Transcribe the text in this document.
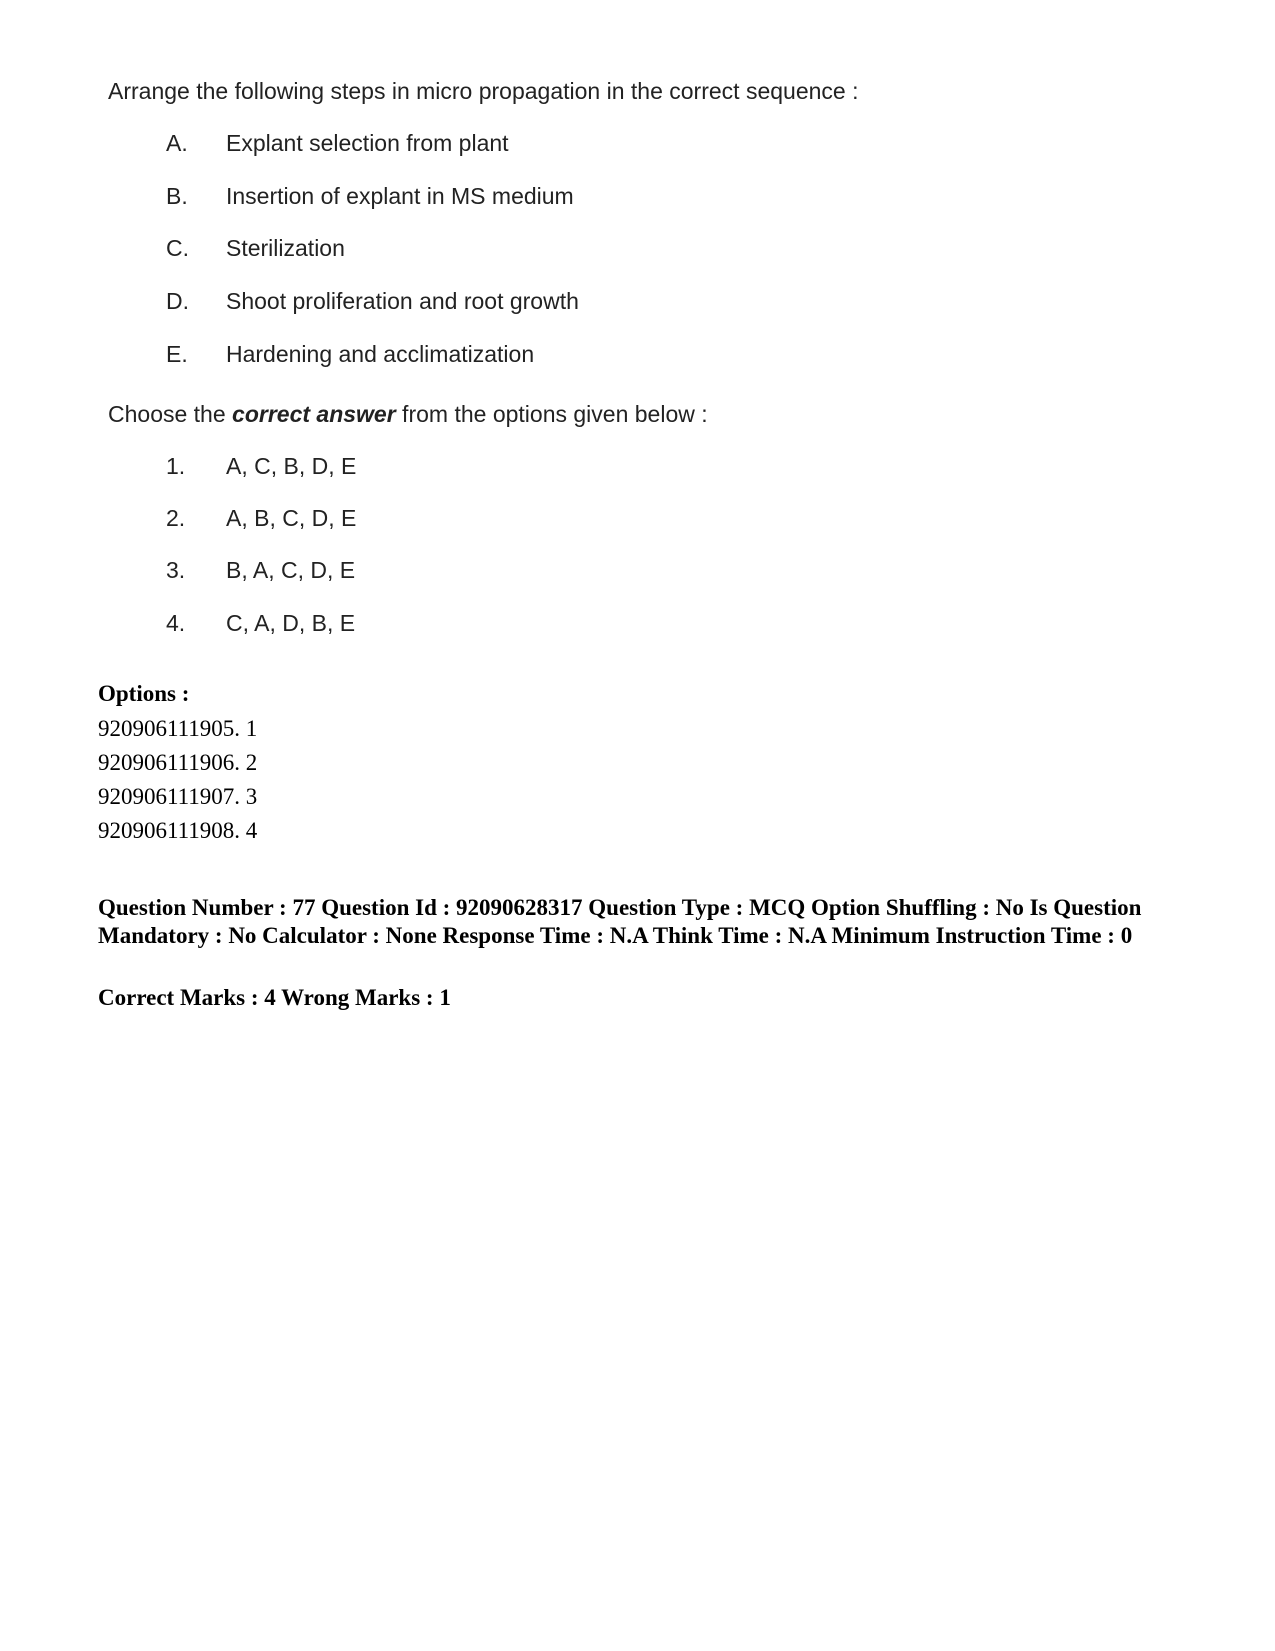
Arrange the following steps in micro propagation in the correct sequence :
A. Explant selection from plant
B. Insertion of explant in MS medium
C. Sterilization
D. Shoot proliferation and root growth
E. Hardening and acclimatization
Choose the correct answer from the options given below :
1. A, C, B, D, E
2. A, B, C, D, E
3. B, A, C, D, E
4. C, A, D, B, E
Options :
920906111905. 1
920906111906. 2
920906111907. 3
920906111908. 4
Question Number : 77 Question Id : 92090628317 Question Type : MCQ Option Shuffling : No Is Question Mandatory : No Calculator : None Response Time : N.A Think Time : N.A Minimum Instruction Time : 0
Correct Marks : 4 Wrong Marks : 1
